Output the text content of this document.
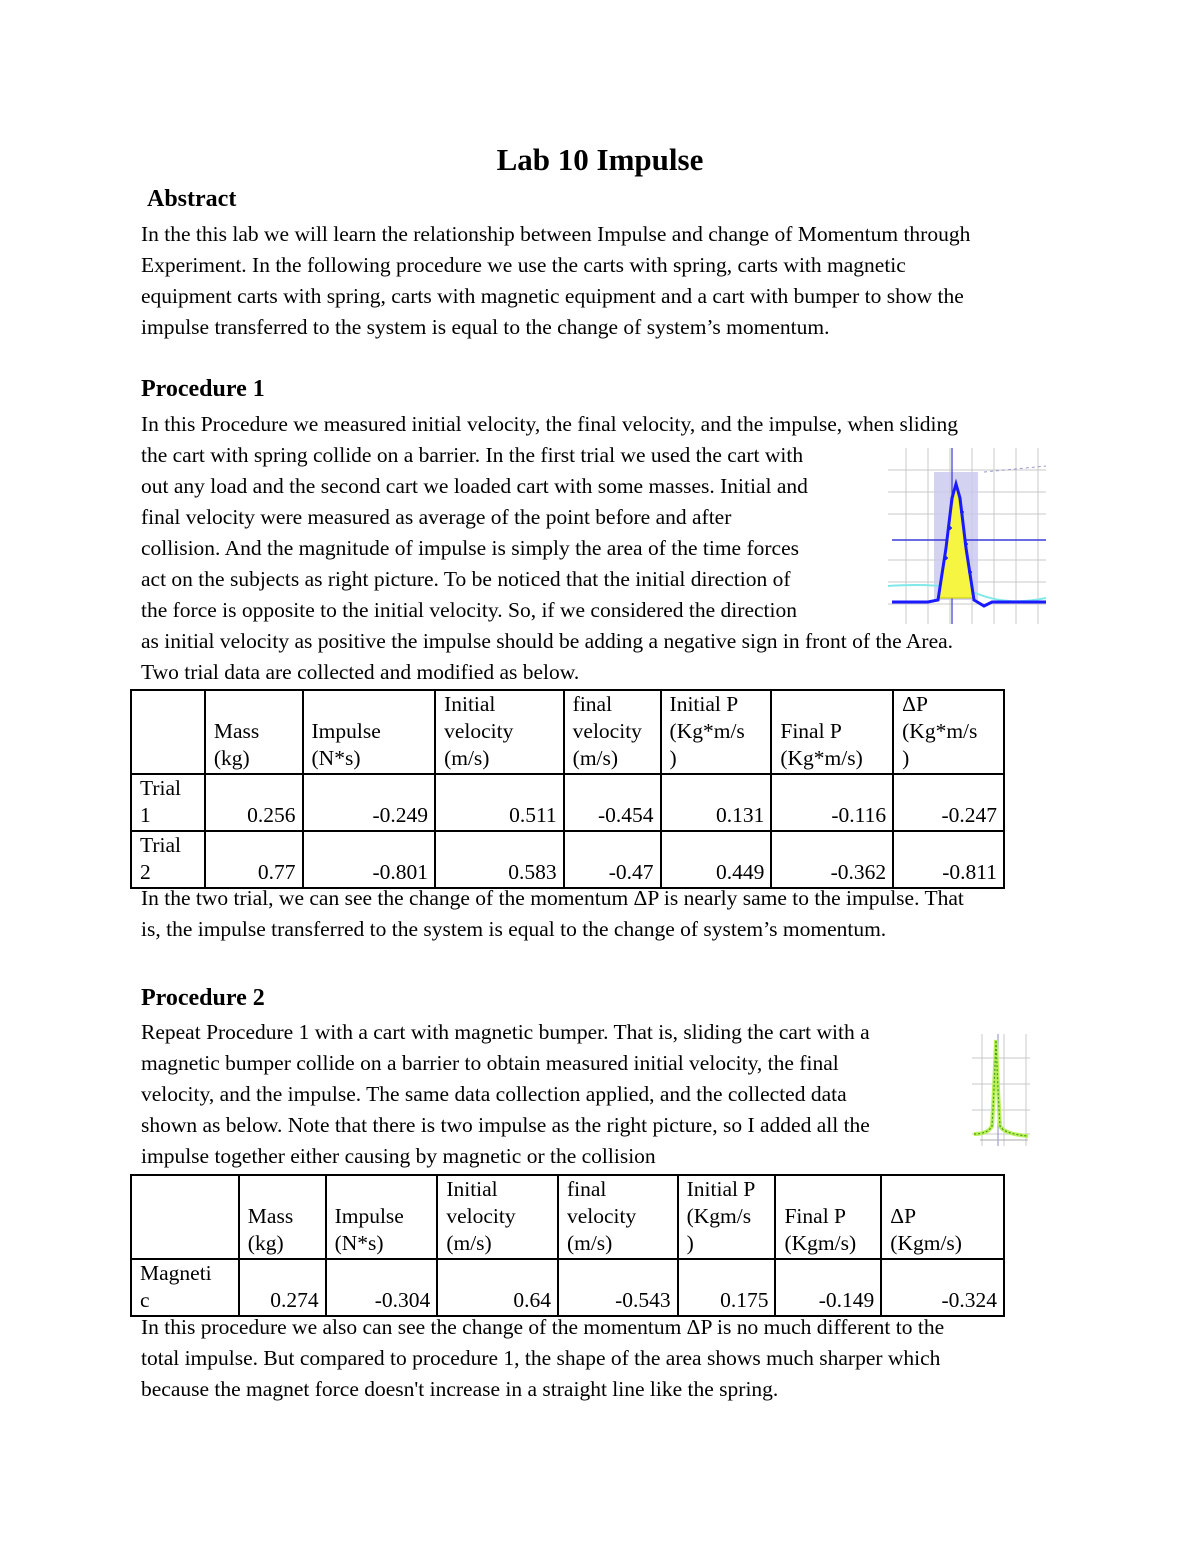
Lab 10 Impulse
Abstract
In the this lab we will learn the relationship between Impulse and change of Momentum through
Experiment. In the following procedure we use the carts with spring, carts with magnetic
equipment carts with spring, carts with magnetic equipment and a cart with bumper to show the
impulse transferred to the system is equal to the change of system’s momentum.
Procedure 1
In this Procedure we measured initial velocity, the final velocity, and the impulse, when sliding
the cart with spring collide on a barrier. In the first trial we used the cart with
out any load and the second cart we loaded cart with some masses. Initial and
final velocity were measured as average of the point before and after
collision. And the magnitude of impulse is simply the area of the time forces
act on the subjects as right picture. To be noticed that the initial direction of
the force is opposite to the initial velocity. So, if we considered the direction
as initial velocity as positive the impulse should be adding a negative sign in front of the Area.
Two trial data are collected and modified as below.

	Mass
(kg)	Impulse
(N*s)	Initial
velocity
(m/s)	final
velocity
(m/s)	Initial P
(Kg*m/s
)	Final P
(Kg*m/s)	ΔP
(Kg*m/s
)

Trial
1	0.256	-0.249	0.511	-0.454	0.131	-0.116	-0.247

Trial
2	0.77	-0.801	0.583	-0.47	0.449	-0.362	-0.811
In the two trial, we can see the change of the momentum ΔP is nearly same to the impulse. That
is, the impulse transferred to the system is equal to the change of system’s momentum.
Procedure 2
Repeat Procedure 1 with a cart with magnetic bumper. That is, sliding the cart with a
magnetic bumper collide on a barrier to obtain measured initial velocity, the final
velocity, and the impulse. The same data collection applied, and the collected data
shown as below. Note that there is two impulse as the right picture, so I added all the
impulse together either causing by magnetic or the collision

	Mass
(kg)	Impulse
(N*s)	Initial
velocity
(m/s)	final
velocity
(m/s)	Initial P
(Kgm/s
)	Final P
(Kgm/s)	ΔP
(Kgm/s)

Magneti
c	0.274	-0.304	0.64	-0.543	0.175	-0.149	-0.324
In this procedure we also can see the change of the momentum ΔP is no much different to the
total impulse. But compared to procedure 1, the shape of the area shows much sharper which
because the magnet force doesn't increase in a straight line like the spring.
